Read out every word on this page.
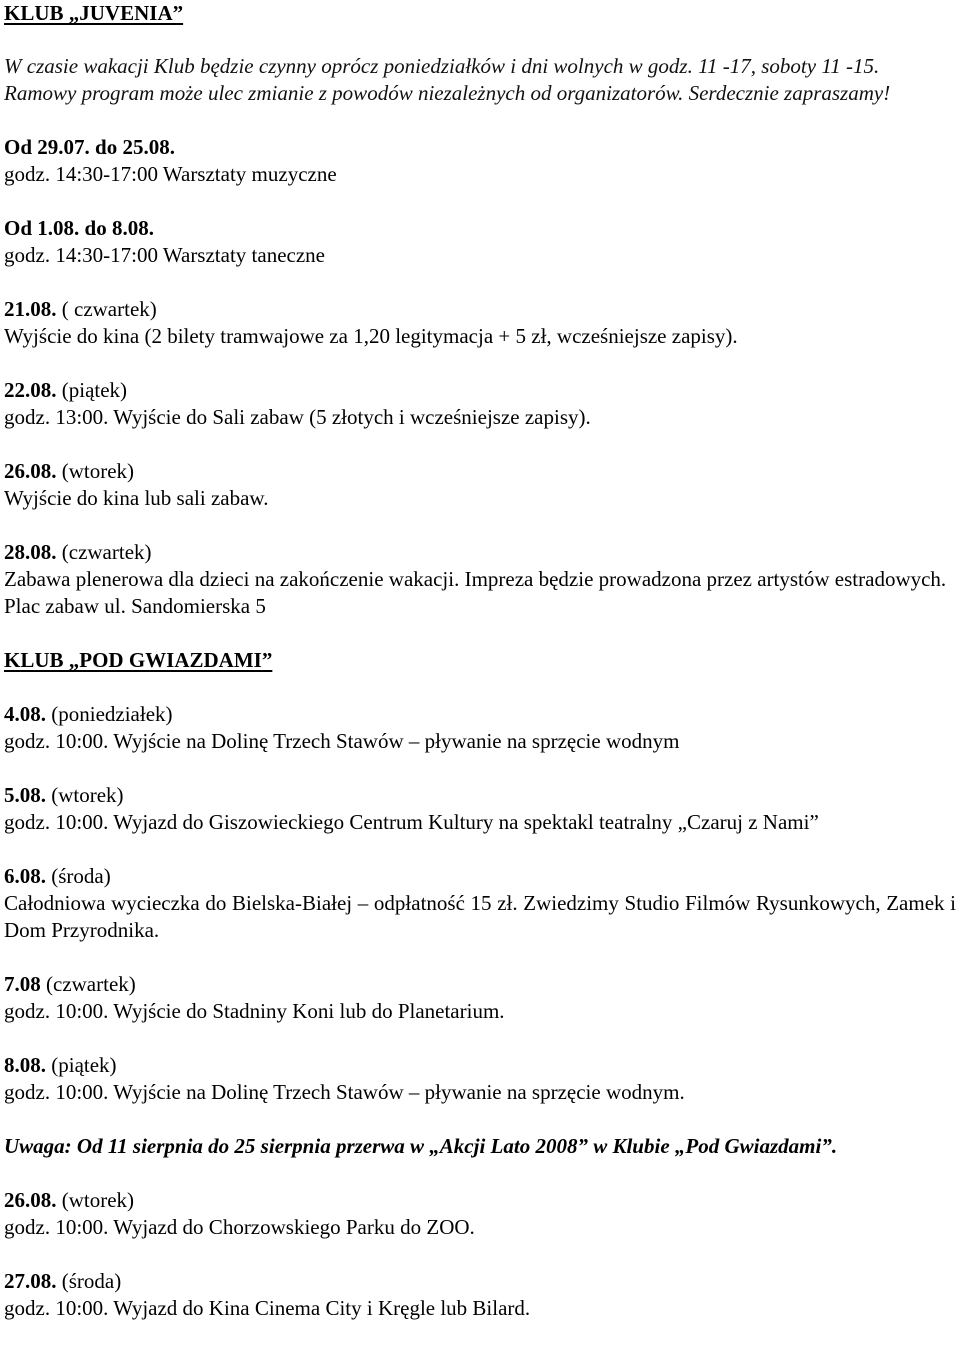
KLUB „JUVENIA”

W czasie wakacji Klub będzie czynny oprócz poniedziałków i dni wolnych w godz. 11 -17, soboty 11 -15. Ramowy program może ulec zmianie z powodów niezależnych od organizatorów. Serdecznie zapraszamy!

Od 29.07. do 25.08.
godz. 14:30-17:00 Warsztaty muzyczne
Od 1.08. do 8.08.
godz. 14:30-17:00 Warsztaty taneczne
21.08. ( czwartek)
Wyjście do kina (2 bilety tramwajowe za 1,20 legitymacja + 5 zł, wcześniejsze zapisy).
22.08. (piątek)
godz. 13:00. Wyjście do Sali zabaw (5 złotych i wcześniejsze zapisy).
26.08. (wtorek)
Wyjście do kina lub sali zabaw.
28.08. (czwartek)
Zabawa plenerowa dla dzieci na zakończenie wakacji. Impreza będzie prowadzona przez artystów estradowych. Plac zabaw ul. Sandomierska 5
KLUB „POD GWIAZDAMI”
4.08. (poniedziałek)
godz. 10:00. Wyjście na Dolinę Trzech Stawów – pływanie na sprzęcie wodnym
5.08. (wtorek)
godz. 10:00. Wyjazd do Giszowieckiego Centrum Kultury na spektakl teatralny „Czaruj z Nami”
6.08. (środa)
Całodniowa wycieczka do Bielska-Białej – odpłatność 15 zł. Zwiedzimy Studio Filmów Rysunkowych, Zamek i Dom Przyrodnika.
7.08 (czwartek)
godz. 10:00. Wyjście do Stadniny Koni lub do Planetarium.
8.08. (piątek)
godz. 10:00. Wyjście na Dolinę Trzech Stawów – pływanie na sprzęcie wodnym.

Uwaga: Od 11 sierpnia do 25 sierpnia przerwa w „Akcji Lato 2008” w Klubie „Pod Gwiazdami”.

26.08. (wtorek)
godz. 10:00. Wyjazd do Chorzowskiego Parku do ZOO.
27.08. (środa)
godz. 10:00. Wyjazd do Kina Cinema City i Kręgle lub Bilard.
